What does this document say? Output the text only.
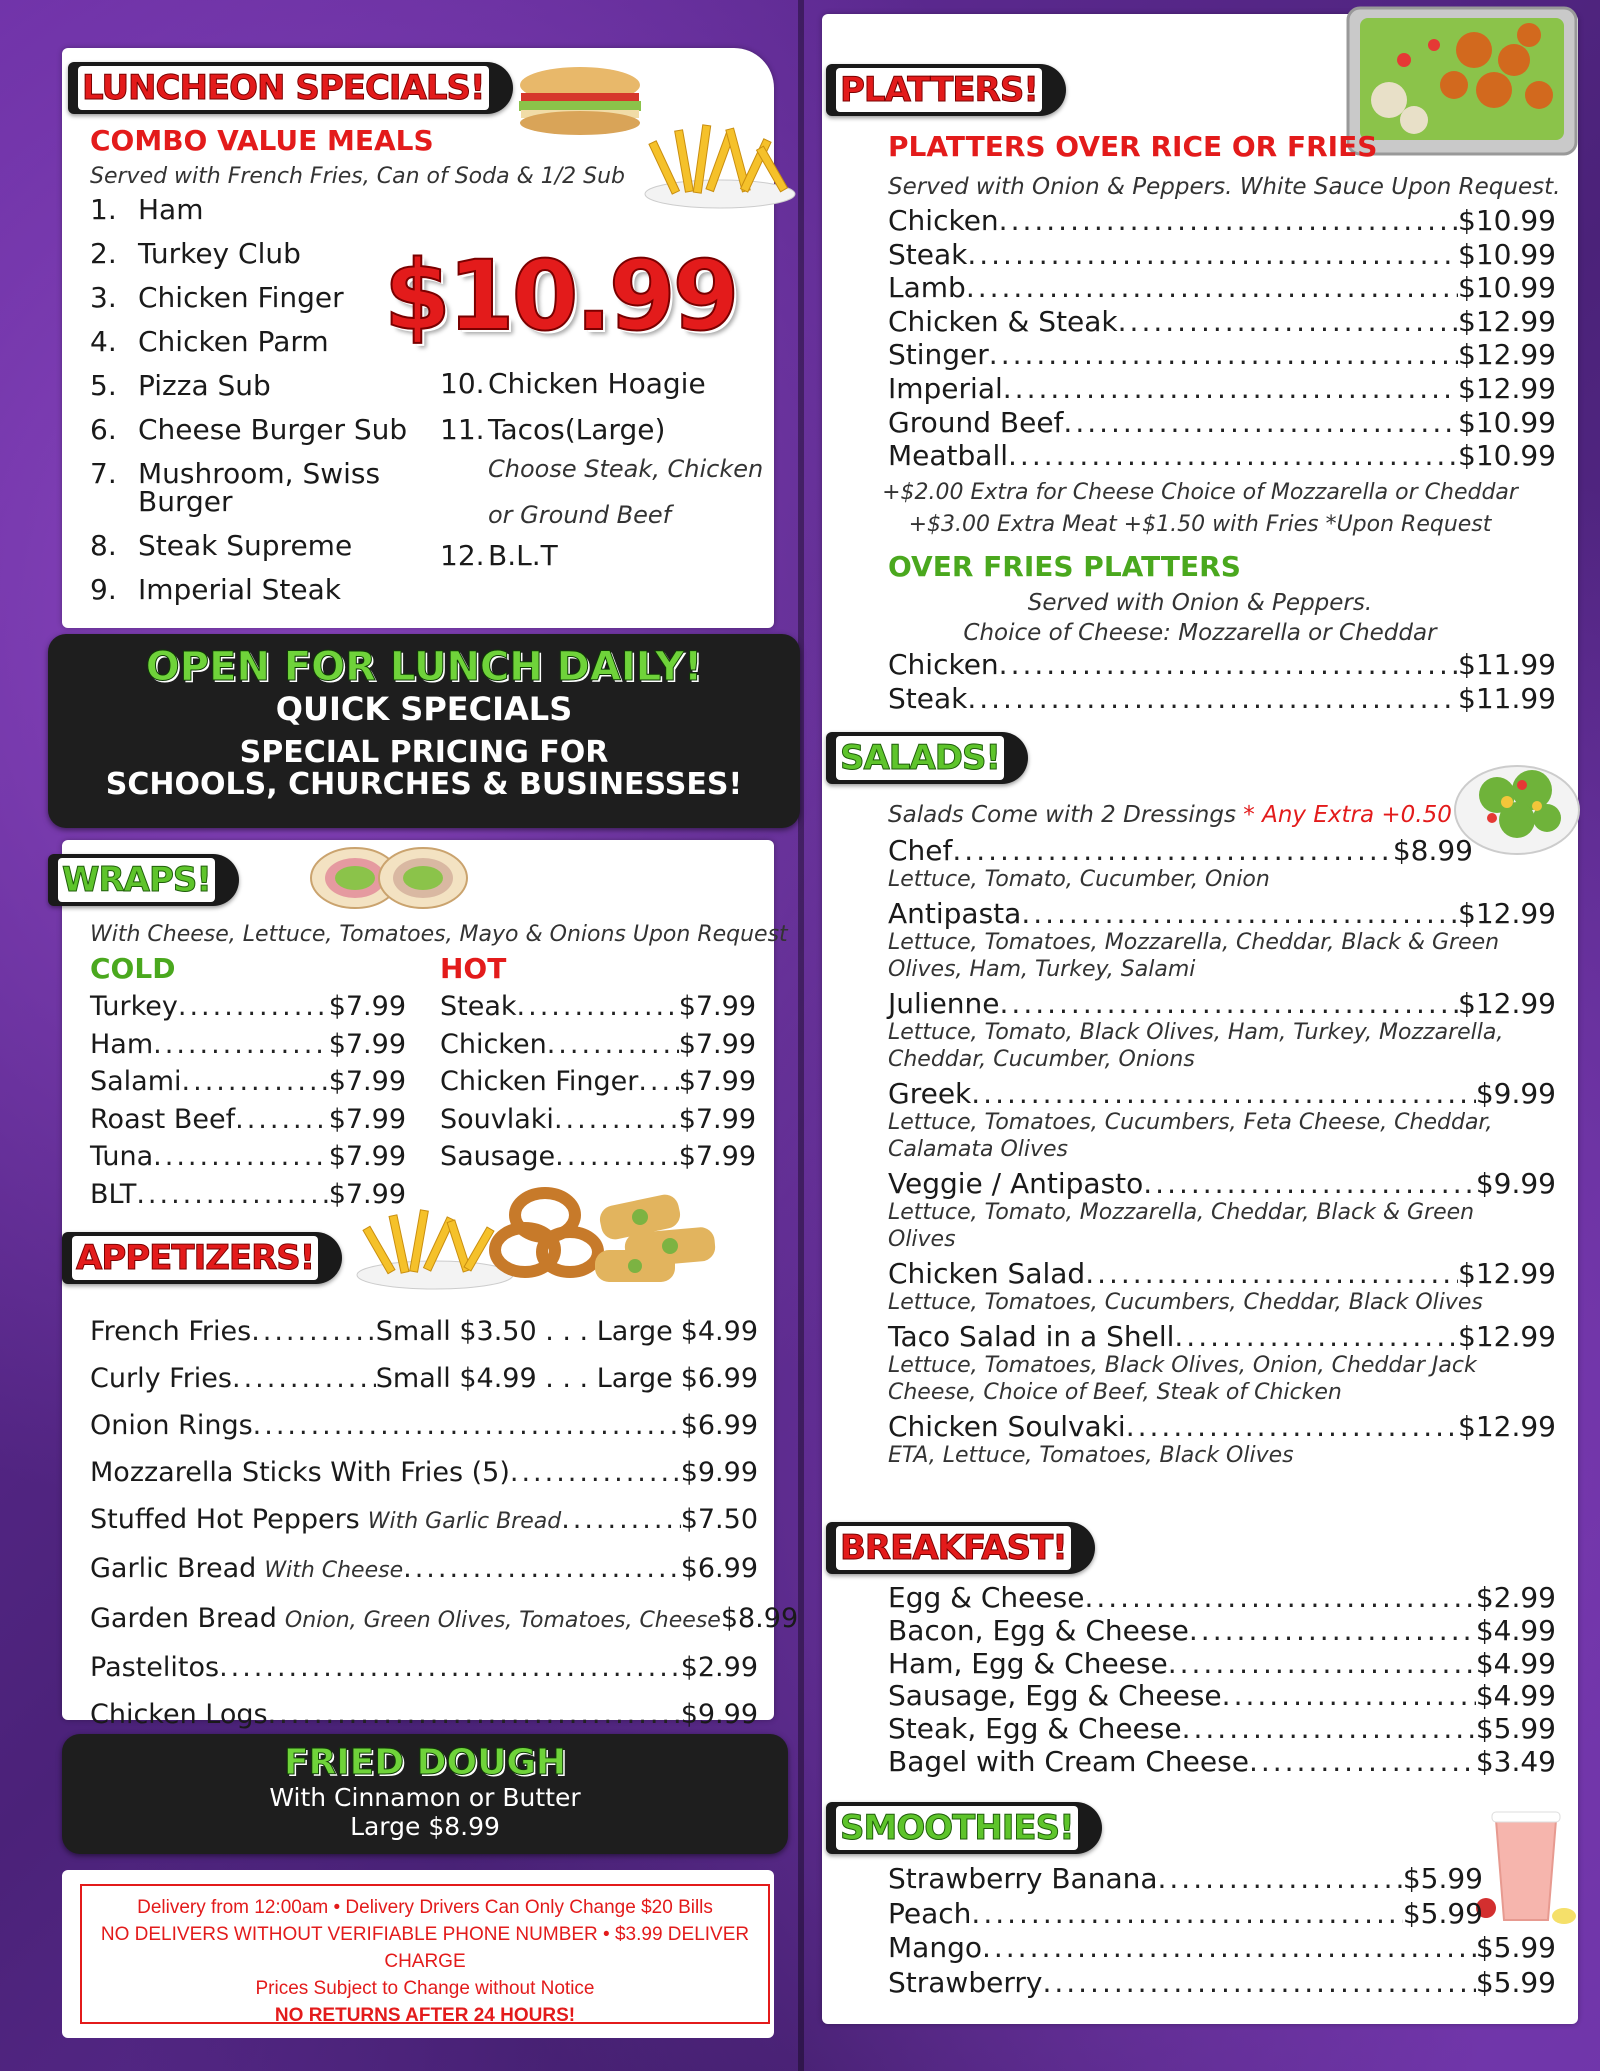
LUNCHEON SPECIALS!
COMBO VALUE MEALS
Served with French Fries, Can of Soda & 1/2 Sub
1. Ham
2. Turkey Club
3. Chicken Finger
4. Chicken Parm
5. Pizza Sub
6. Cheese Burger Sub
7. Mushroom, Swiss Burger
8. Steak Supreme
9. Imperial Steak
$10.99
10. Chicken Hoagie
11. Tacos(Large)
Choose Steak, Chicken or Ground Beef
12. B.L.T
OPEN FOR LUNCH DAILY!
QUICK SPECIALS
SPECIAL PRICING FOR
SCHOOLS, CHURCHES & BUSINESSES!
WRAPS!
With Cheese, Lettuce, Tomatoes, Mayo & Onions Upon Request
COLD	HOT
Turkey .....	$7.99
Ham .....	$7.99
Salami .....	$7.99
Roast Beef .....	$7.99
Tuna .....	$7.99
BLT .....	$7.99
Steak .....	$7.99
Chicken .....	$7.99
Chicken Finger ..... $7.99
Souvlaki .....	$7.99
Sausage .....	$7.99
APPETIZERS!
French Fries .....	Small $3.50 . . . Large $4.99
Curly Fries .....	Small $4.99 . . . Large $6.99
Onion Rings .....	$6.99
Mozzarella Sticks With Fries (5) .....	$9.99
Stuffed Hot Peppers With Garlic Bread .....	$7.50
Garlic Bread With Cheese .....	$6.99
Garden Bread Onion, Green Olives, Tomatoes, Cheese $8.99
Pastelitos .....	$2.99
Chicken Logs .....	$9.99
FRIED DOUGH
With Cinnamon or Butter
Large $8.99
Delivery from 12:00am • Delivery Drivers Can Only Change $20 Bills
NO DELIVERS WITHOUT VERIFIABLE PHONE NUMBER • $3.99 DELIVER CHARGE
Prices Subject to Change without Notice
NO RETURNS AFTER 24 HOURS!
PLATTERS!
PLATTERS OVER RICE OR FRIES
Served with Onion & Peppers. White Sauce Upon Request.
Chicken .....	$10.99
Steak .....	$10.99
Lamb .....	$10.99
Chicken & Steak .....	$12.99
Stinger .....	$12.99
Imperial .....	$12.99
Ground Beef .....	$10.99
Meatball .....	$10.99
+$2.00 Extra for Cheese Choice of Mozzarella or Cheddar
+$3.00 Extra Meat +$1.50 with Fries *Upon Request
OVER FRIES PLATTERS
Served with Onion & Peppers.
Choice of Cheese: Mozzarella or Cheddar
Chicken .....	$11.99
Steak .....	$11.99
SALADS!
Salads Come with 2 Dressings * Any Extra +0.50
Chef .....	$8.99
Lettuce, Tomato, Cucumber, Onion
Antipasta .....	$12.99
Lettuce, Tomatoes, Mozzarella, Cheddar, Black & Green Olives, Ham, Turkey, Salami
Julienne .....	$12.99
Lettuce, Tomato, Black Olives, Ham, Turkey, Mozzarella, Cheddar, Cucumber, Onions
Greek .....	$9.99
Lettuce, Tomatoes, Cucumbers, Feta Cheese, Cheddar, Calamata Olives
Veggie / Antipasto .....	$9.99
Lettuce, Tomato, Mozzarella, Cheddar, Black & Green Olives
Chicken Salad .....	$12.99
Lettuce, Tomatoes, Cucumbers, Cheddar, Black Olives
Taco Salad in a Shell .....	$12.99
Lettuce, Tomatoes, Black Olives, Onion, Cheddar Jack Cheese, Choice of Beef, Steak of Chicken
Chicken Soulvaki .....	$12.99
ETA, Lettuce, Tomatoes, Black Olives
BREAKFAST!
Egg & Cheese .....	$2.99
Bacon, Egg & Cheese .....	$4.99
Ham, Egg & Cheese .....	$4.99
Sausage, Egg & Cheese .....	$4.99
Steak, Egg & Cheese .....	$5.99
Bagel with Cream Cheese .....	$3.49
SMOOTHIES!
Strawberry Banana .....	$5.99
Peach .....	$5.99
Mango .....	$5.99
Strawberry .....	$5.99
